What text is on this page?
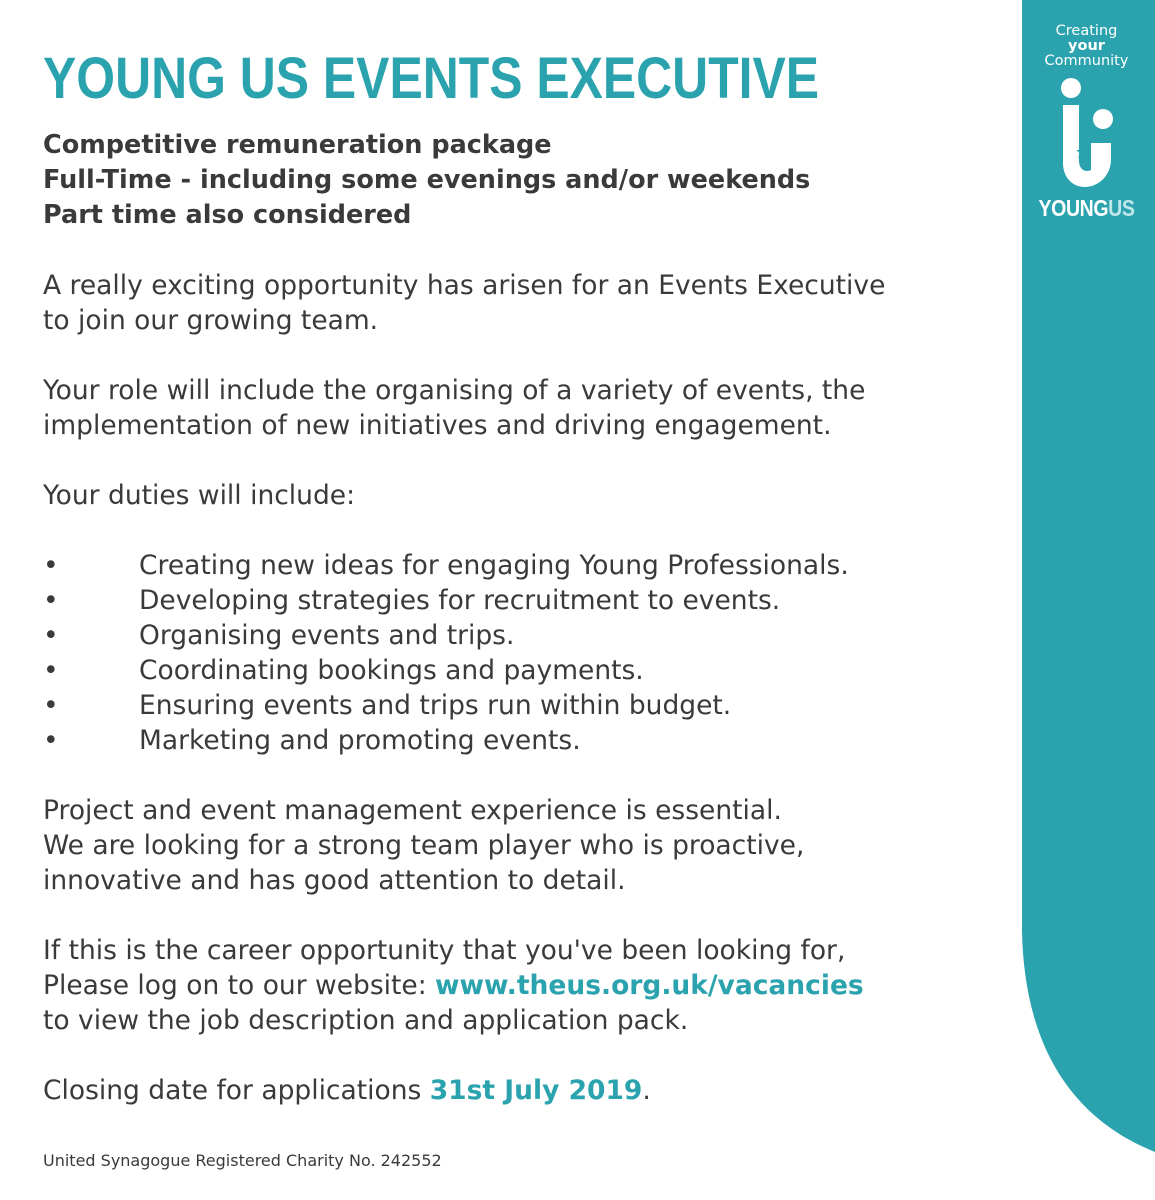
YOUNG US EVENTS EXECUTIVE

Competitive remuneration package

Full-Time - including some evenings and/or weekends

Part time also considered

A really exciting opportunity has arisen for an Events Executive

to join our growing team.

Your role will include the organising of a variety of events, the

implementation of new initiatives and driving engagement.

Your duties will include:

•	Creating new ideas for engaging Young Professionals.
•	Developing strategies for recruitment to events.
•	Organising events and trips.
•	Coordinating bookings and payments.
•	Ensuring events and trips run within budget.
•	Marketing and promoting events.

Project and event management experience is essential.

We are looking for a strong team player who is proactive,

innovative and has good attention to detail.

If this is the career opportunity that you've been looking for,

Please log on to our website: www.theus.org.uk/vacancies

to view the job description and application pack.

Closing date for applications 31st July 2019.

United Synagogue Registered Charity No. 242552
Creating
your
Community
YOUNGUS
